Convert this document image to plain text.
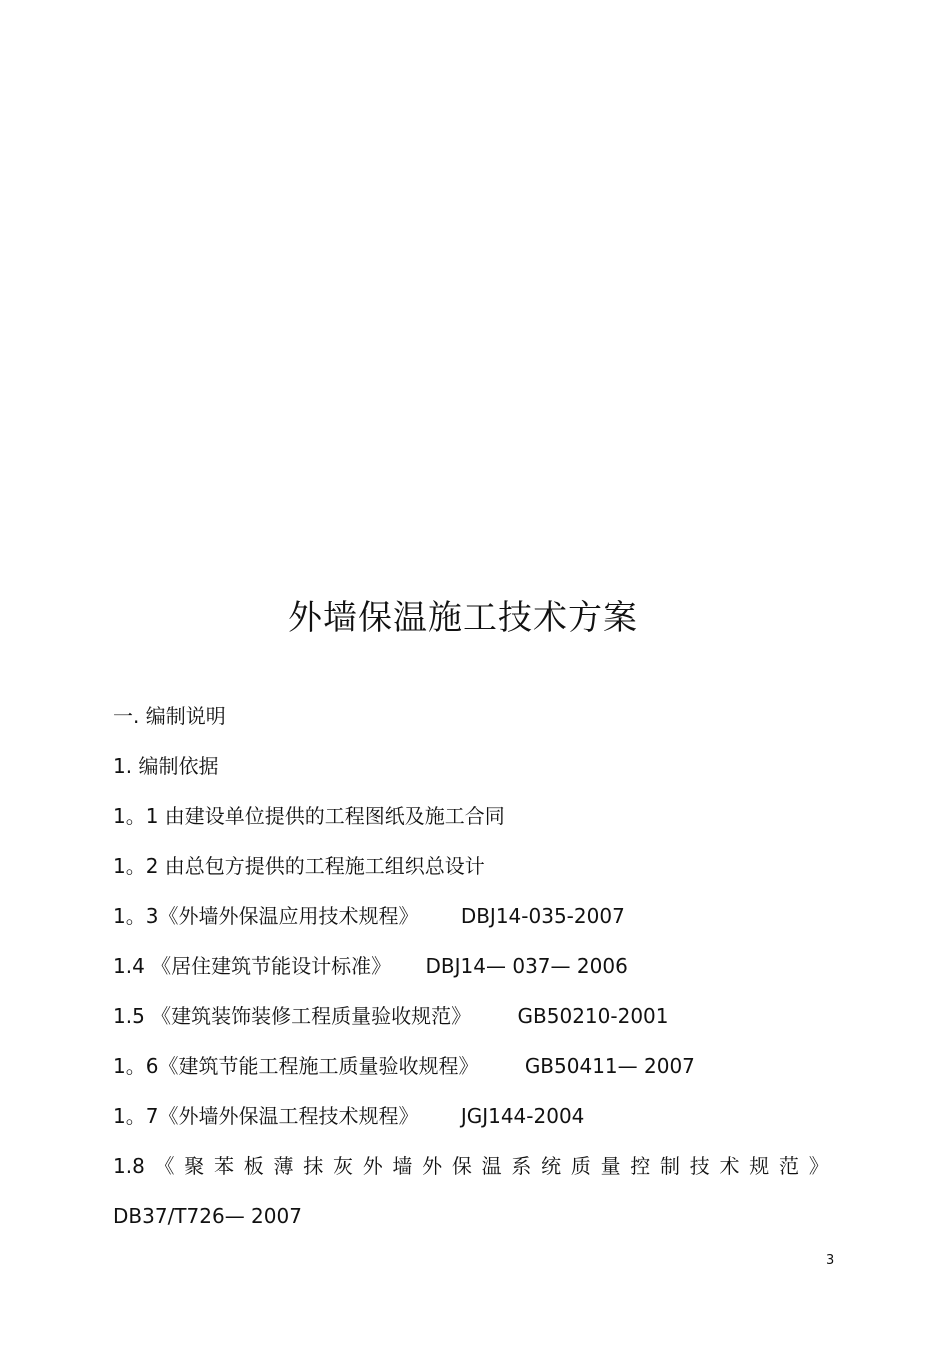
外墙保温施工技术方案
一. 编制说明
1. 编制依据
1。1 由建设单位提供的工程图纸及施工合同
1。2 由总包方提供的工程施工组织总设计
1。3《外墙外保温应用技术规程》 DBJ14-035-2007
1.4 《居住建筑节能设计标准》 DBJ14— 037— 2006
1.5 《建筑装饰装修工程质量验收规范》 GB50210-2001
1。6《建筑节能工程施工质量验收规程》 GB50411— 2007
1。7《外墙外保温工程技术规程》 JGJ144-2004
1.8 《 聚 苯 板 薄 抹 灰 外 墙 外 保 温 系 统 质 量 控 制 技 术 规 范 》
DB37/T726— 2007
3
